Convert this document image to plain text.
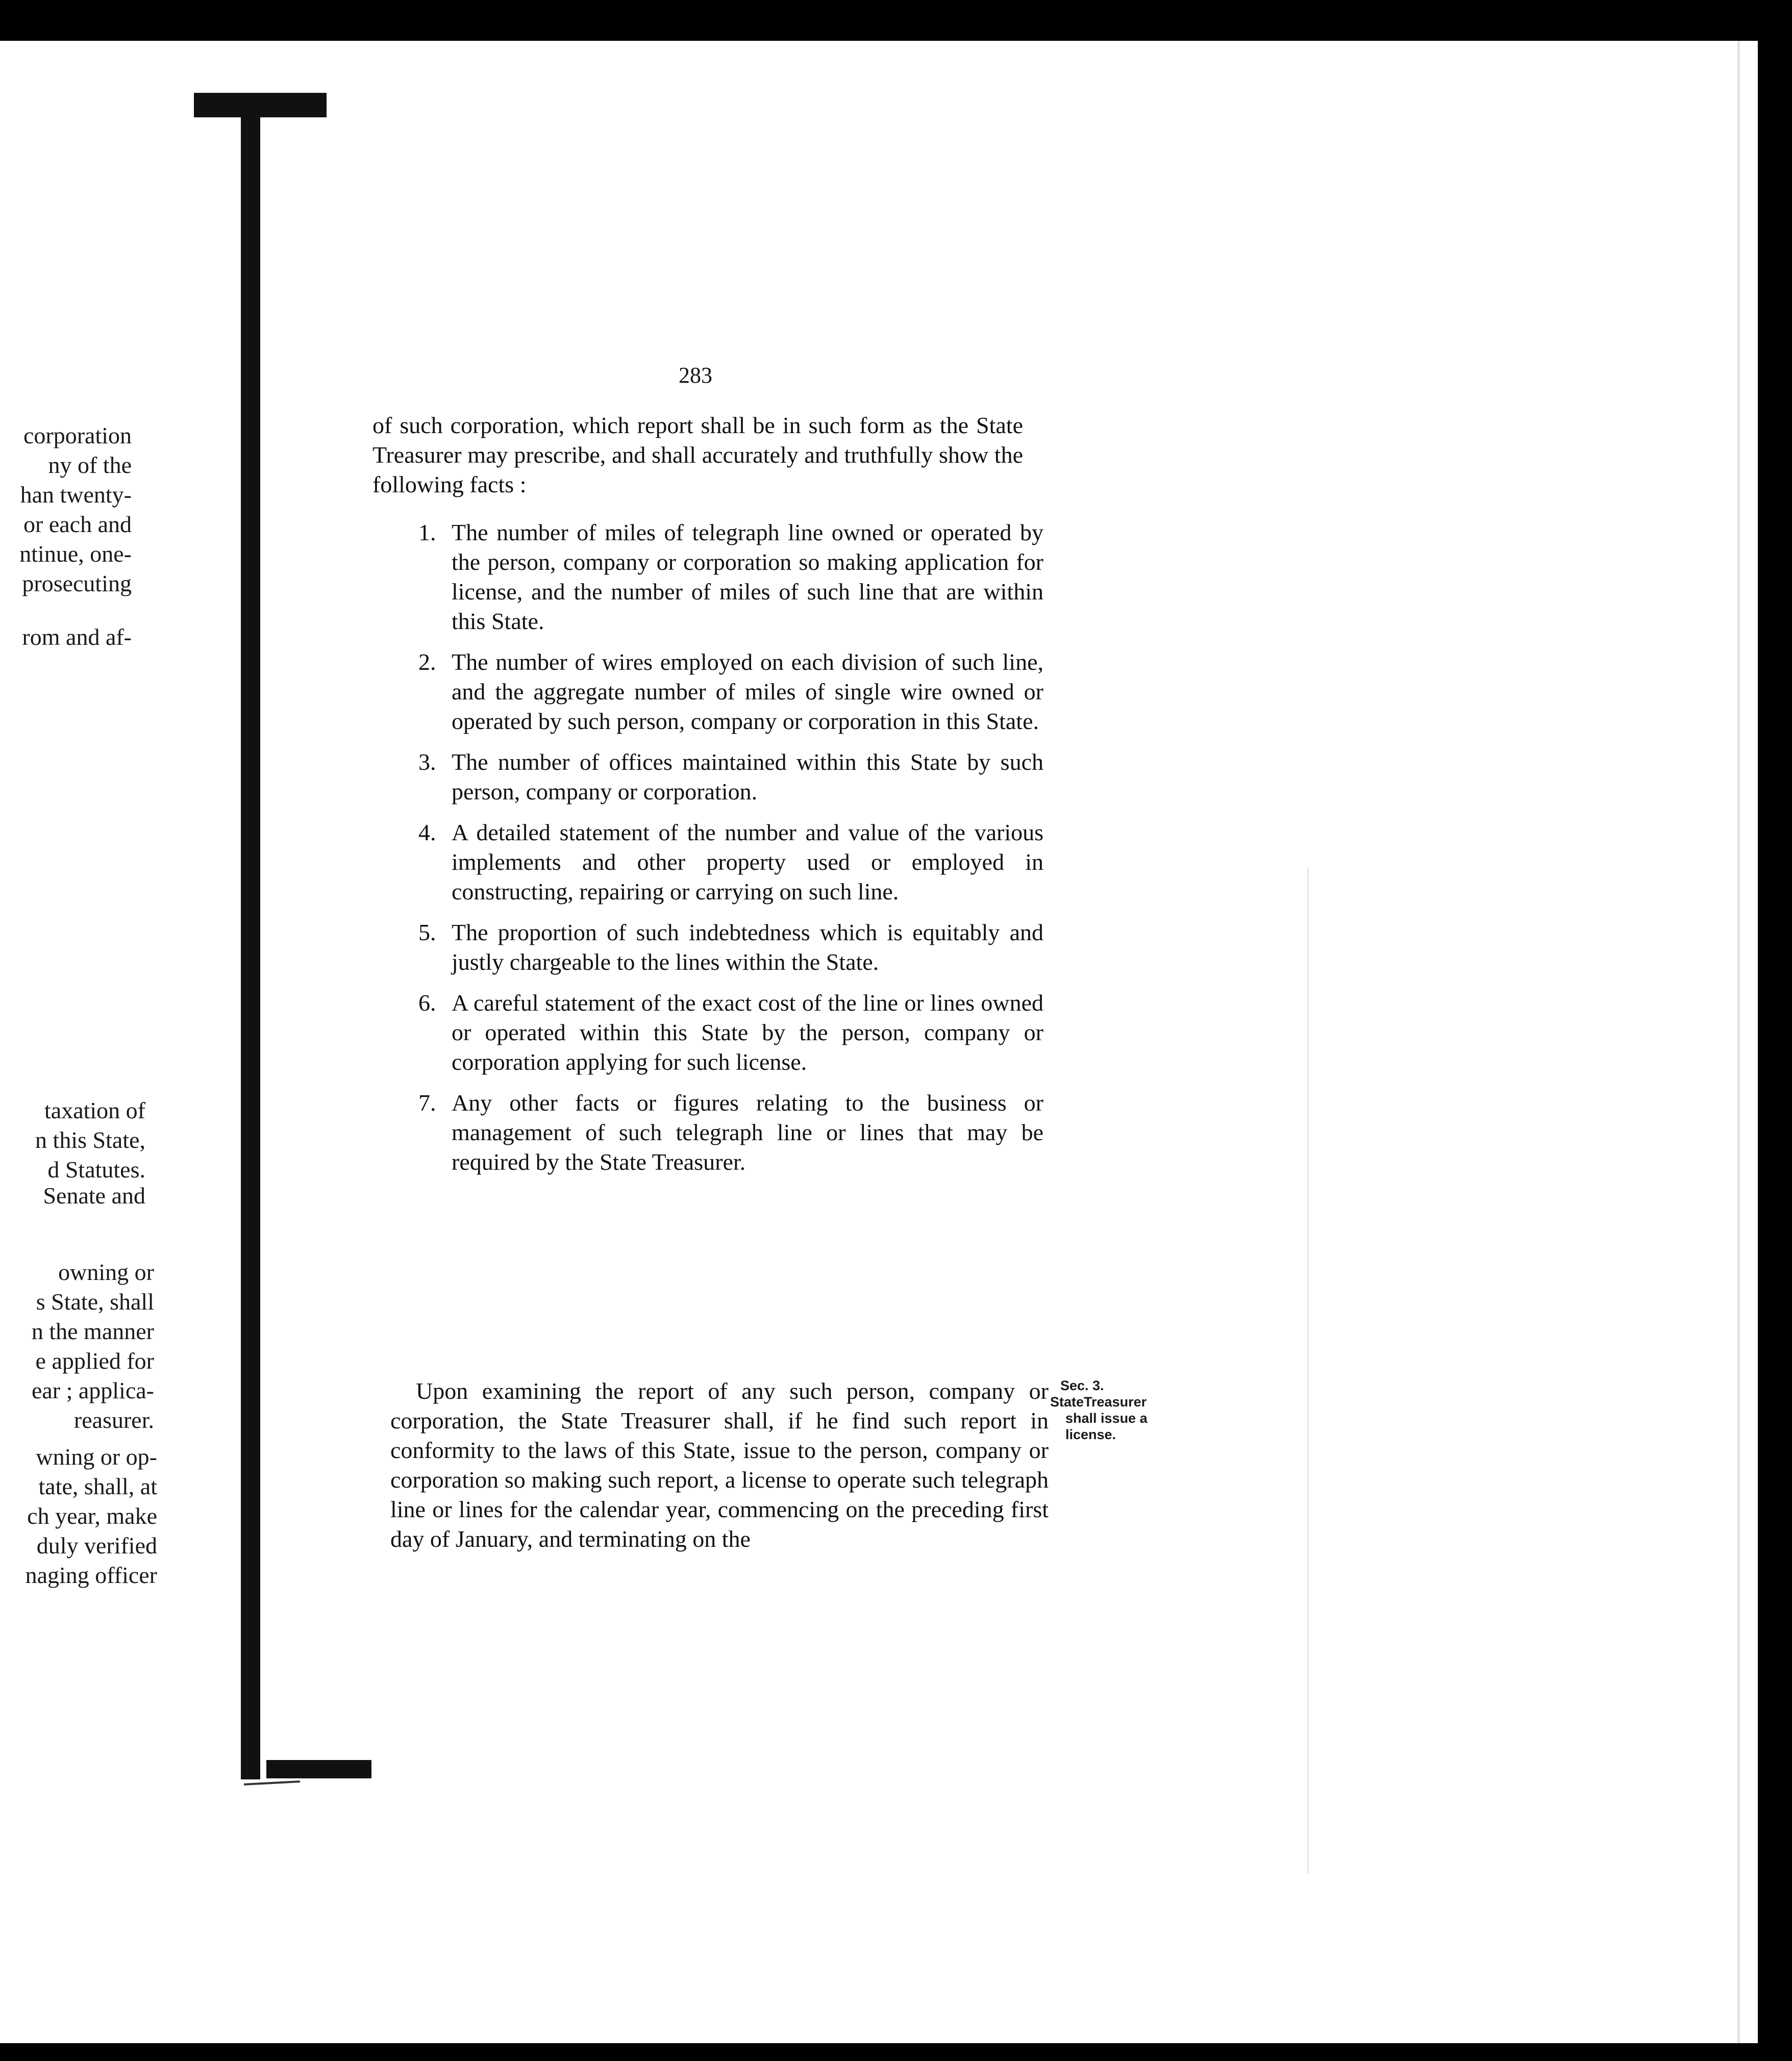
corporation
ny of the
han twenty-
or each and
ntinue, one-
prosecuting
rom and af-
taxation of
n this State,
d Statutes.
Senate and
owning or
s State, shall
n the manner
e applied for
ear ; applica-
reasurer.
wning or op-
tate, shall, at
ch year, make
duly verified
naging officer
283

of such corporation, which report shall be in such form as the State Treasurer may prescribe, and shall accurately and truthfully show the following facts :

1. The number of miles of telegraph line owned or operated by the person, company or corporation so making application for license, and the number of miles of such line that are within this State.
2. The number of wires employed on each division of such line, and the aggregate number of miles of single wire owned or operated by such person, company or corporation in this State.
3. The number of offices maintained within this State by such person, company or corporation.
4. A detailed statement of the number and value of the various implements and other property used or employed in constructing, repairing or carrying on such line.
5. The proportion of such indebtedness which is equitably and justly chargeable to the lines within the State.
6. A careful statement of the exact cost of the line or lines owned or operated within this State by the person, company or corporation applying for such license.
7. Any other facts or figures relating to the business or management of such telegraph line or lines that may be required by the State Treasurer.

Upon examining the report of any such person, company or corporation, the State Treasurer shall, if he find such report in conformity to the laws of this State, issue to the person, company or corporation so making such report, a license to operate such telegraph line or lines for the calendar year, commencing on the preceding first day of January, and terminating on the

Sec. 3.
StateTreasurer
shall issue a
license.
